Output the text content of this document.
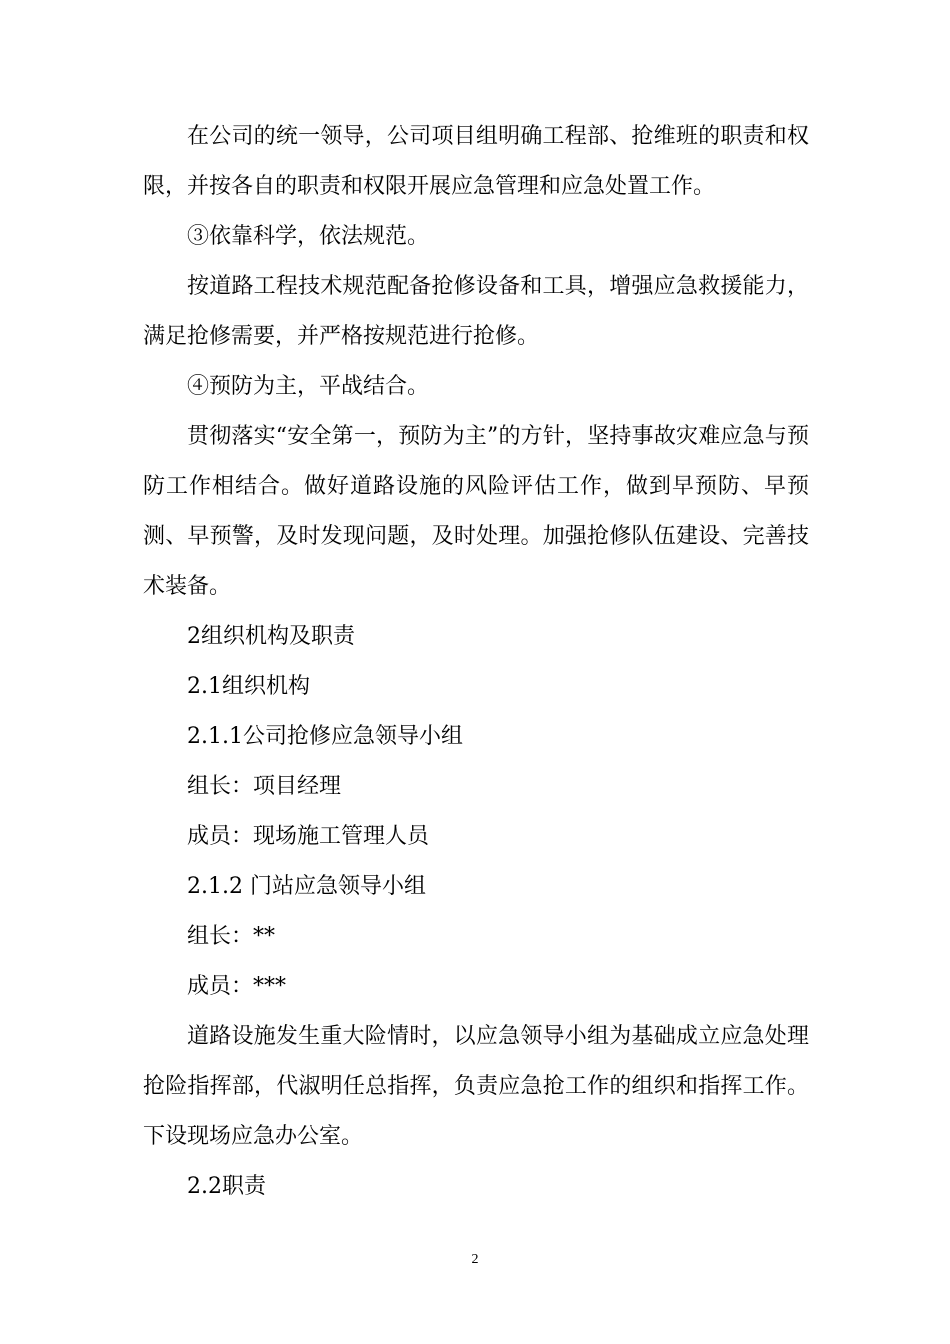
在公司的统一领导，公司项目组明确工程部、抢维班的职责和权限，并按各自的职责和权限开展应急管理和应急处置工作。

③依靠科学，依法规范。

按道路工程技术规范配备抢修设备和工具，增强应急救援能力，满足抢修需要，并严格按规范进行抢修。

④预防为主，平战结合。

贯彻落实“安全第一，预防为主”的方针，坚持事故灾难应急与预防工作相结合。做好道路设施的风险评估工作，做到早预防、早预测、早预警，及时发现问题，及时处理。加强抢修队伍建设、完善技术装备。

2组织机构及职责

2.1组织机构

2.1.1公司抢修应急领导小组

组长：项目经理

成员：现场施工管理人员

2.1.2 门站应急领导小组

组长：**

成员：***

道路设施发生重大险情时，以应急领导小组为基础成立应急处理抢险指挥部，代淑明任总指挥，负责应急抢工作的组织和指挥工作。下设现场应急办公室。

2.2职责

2
